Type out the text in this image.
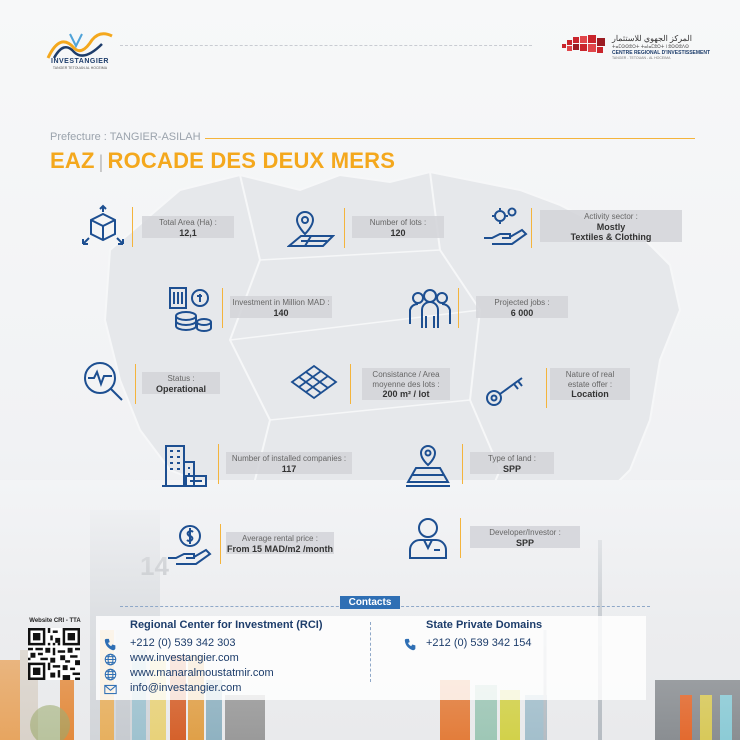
INVESTANGIER
TANGER TETOUAN AL HOCEIMA
المركز الجهوي للاستثمار
ⵜⴰⵎⵙⵙⵓⵔⵜ ⵜⴰⵏⴰⵎⵓⵔⵜ ⵏ ⵓⵙⵙⵓⴷⵙ
CENTRE REGIONAL D'INVESTISSEMENT
TANGER - TETOUAN - AL HOCEIMA
Prefecture : TANGIER-ASILAH
EAZ | ROCADE DES DEUX MERS
Total Area (Ha) :
12,1
Number of lots :
120
Activity sector :
Mostly
Textiles & Clothing
Investment in Million MAD :
140
Projected jobs :
6 000
Status :
Operational
Consistance / Area
moyenne des lots :
200 m² / lot
Nature of real
estate offer :
Location
Number of installed companies :
117
Type of land :
SPP
Average rental price :
From 15 MAD/m2 /month
Developer/Investor :
SPP
Contacts
Website CRI - TTA	Regional Center for Investment (RCI)
+212 (0) 539 342 303
www.investangier.com
www.manaralmoustatmir.com
info@investangier.com
State Private Domains
+212 (0) 539 342 154
